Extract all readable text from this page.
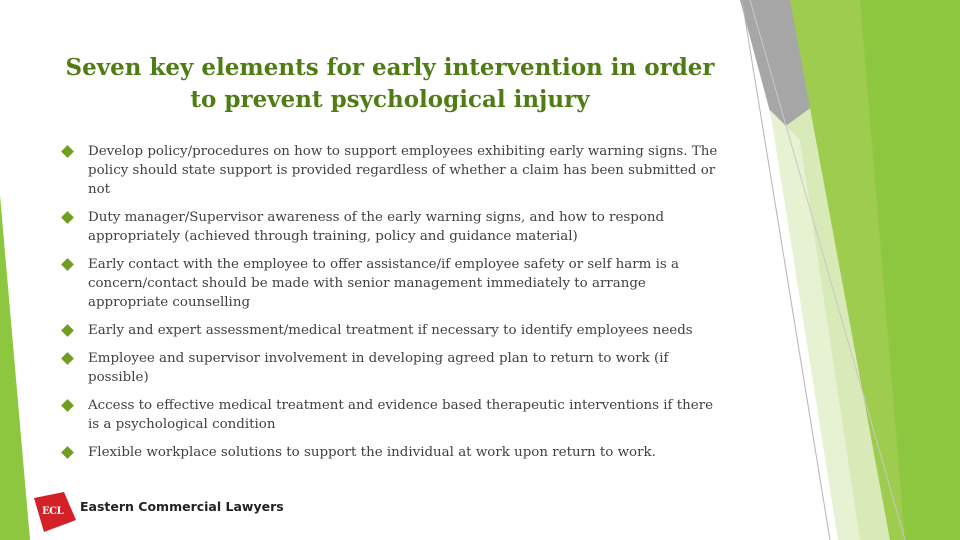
Seven key elements for early intervention in order to prevent psychological injury
Develop policy/procedures on how to support employees exhibiting early warning signs. The policy should state support is provided regardless of whether a claim has been submitted or not
Duty manager/Supervisor awareness of the early warning signs, and how to respond appropriately (achieved through training, policy and guidance material)
Early contact with the employee to offer assistance/if employee safety or self harm is a concern/contact should be made with senior management immediately to arrange appropriate counselling
Early and expert assessment/medical treatment if necessary to identify employees needs
Employee and supervisor involvement in developing agreed plan to return to work (if possible)
Access to effective medical treatment and evidence based therapeutic interventions if there is a psychological condition
Flexible workplace solutions to support the individual at work upon return to work.
ECL Eastern Commercial Lawyers
